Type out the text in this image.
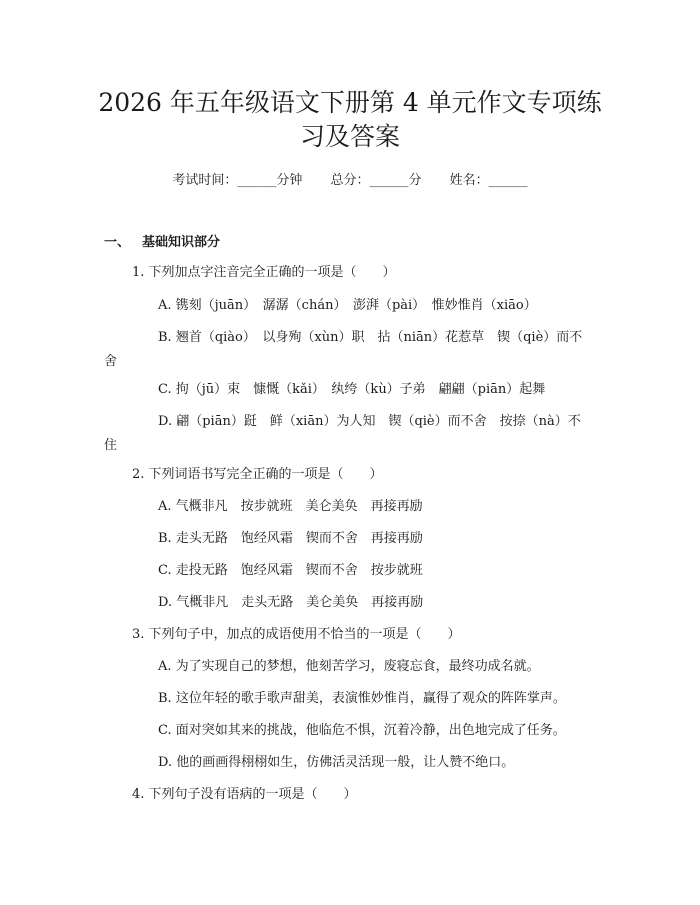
2026 年五年级语文下册第 4 单元作文专项练
习及答案
考试时间：______分钟 总分：______分 姓名：______
一、 基础知识部分
1. 下列加点字注音完全正确的一项是（　　）
A. 镌刻（juān）　潺潺（chán）　澎湃（pài）　惟妙惟肖（xiāo）
B. 翘首（qiào）　以身殉（xùn）职　拈（niān）花惹草　锲（qiè）而不
舍
C. 拘（jū）束　慷慨（kǎi）　纨绔（kù）子弟　翩翩（piān）起舞
D. 翩（piān）跹　鲜（xiān）为人知　锲（qiè）而不舍　按捺（nà）不
住
2. 下列词语书写完全正确的一项是（　　）
A. 气概非凡　按步就班　美仑美奂　再接再励
B. 走头无路　饱经风霜　锲而不舍　再接再励
C. 走投无路　饱经风霜　锲而不舍　按步就班
D. 气概非凡　走头无路　美仑美奂　再接再励
3. 下列句子中，加点的成语使用不恰当的一项是（　　）
A. 为了实现自己的梦想，他刻苦学习，废寝忘食，最终功成名就。
B. 这位年轻的歌手歌声甜美，表演惟妙惟肖，赢得了观众的阵阵掌声。
C. 面对突如其来的挑战，他临危不惧，沉着冷静，出色地完成了任务。
D. 他的画画得栩栩如生，仿佛活灵活现一般，让人赞不绝口。
4. 下列句子没有语病的一项是（　　）
